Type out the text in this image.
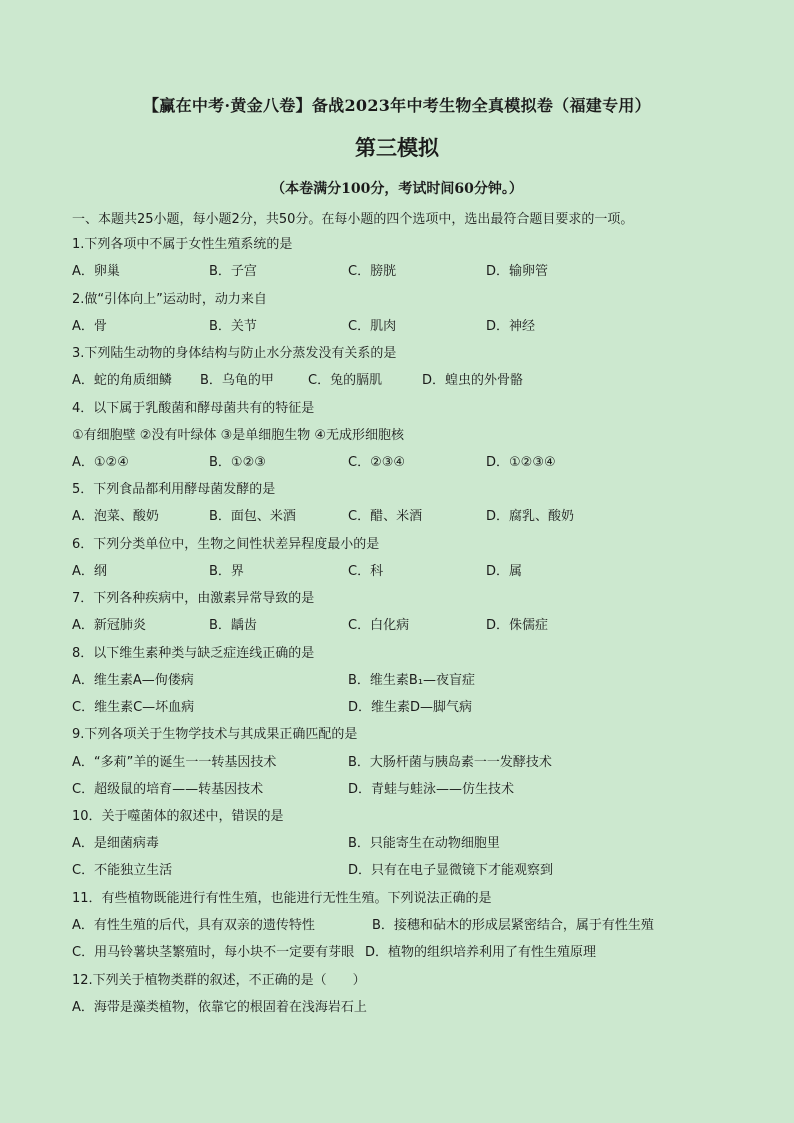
【赢在中考·黄金八卷】备战2023年中考生物全真模拟卷（福建专用）
第三模拟
（本卷满分100分，考试时间60分钟。）
一、本题共25小题，每小题2分，共50分。在每小题的四个选项中，选出最符合题目要求的一项。
1.下列各项中不属于女性生殖系统的是
A．卵巢	B．子宫	C．膀胱	D．输卵管
2.做“引体向上”运动时，动力来自
A．骨	B．关节	C．肌肉	D．神经
3.下列陆生动物的身体结构与防止水分蒸发没有关系的是
A．蛇的角质细鳞 B．乌龟的甲	C．兔的膈肌	D．蝗虫的外骨骼
4．以下属于乳酸菌和酵母菌共有的特征是
①有细胞壁 ②没有叶绿体 ③是单细胞生物 ④无成形细胞核
A．①②④	B．①②③	C．②③④	D．①②③④
5．下列食品都利用酵母菌发酵的是
A．泡菜、酸奶	B．面包、米酒	C．醋、米酒	D．腐乳、酸奶
6．下列分类单位中，生物之间性状差异程度最小的是
A．纲	B．界	C．科	D．属
7．下列各种疾病中，由激素异常导致的是
A．新冠肺炎	B．龋齿	C．白化病	D．侏儒症
8．以下维生素种类与缺乏症连线正确的是
A．维生素A—佝偻病	B．维生素B₁—夜盲症
C．维生素C—坏血病	D．维生素D—脚气病
9.下列各项关于生物学技术与其成果正确匹配的是
A．“多莉”羊的诞生一一转基因技术	B．大肠杆菌与胰岛素一一发酵技术
C．超级鼠的培育——转基因技术	D．青蛙与蛙泳——仿生技术
10．关于噬菌体的叙述中，错误的是
A．是细菌病毒	B．只能寄生在动物细胞里
C．不能独立生活	D．只有在电子显微镜下才能观察到
11．有些植物既能进行有性生殖，也能进行无性生殖。下列说法正确的是
A．有性生殖的后代，具有双亲的遗传特性	B．接穗和砧木的形成层紧密结合，属于有性生殖
C．用马铃薯块茎繁殖时，每小块不一定要有芽眼 D．植物的组织培养利用了有性生殖原理
12.下列关于植物类群的叙述，不正确的是（　　）
A．海带是藻类植物，依靠它的根固着在浅海岩石上
